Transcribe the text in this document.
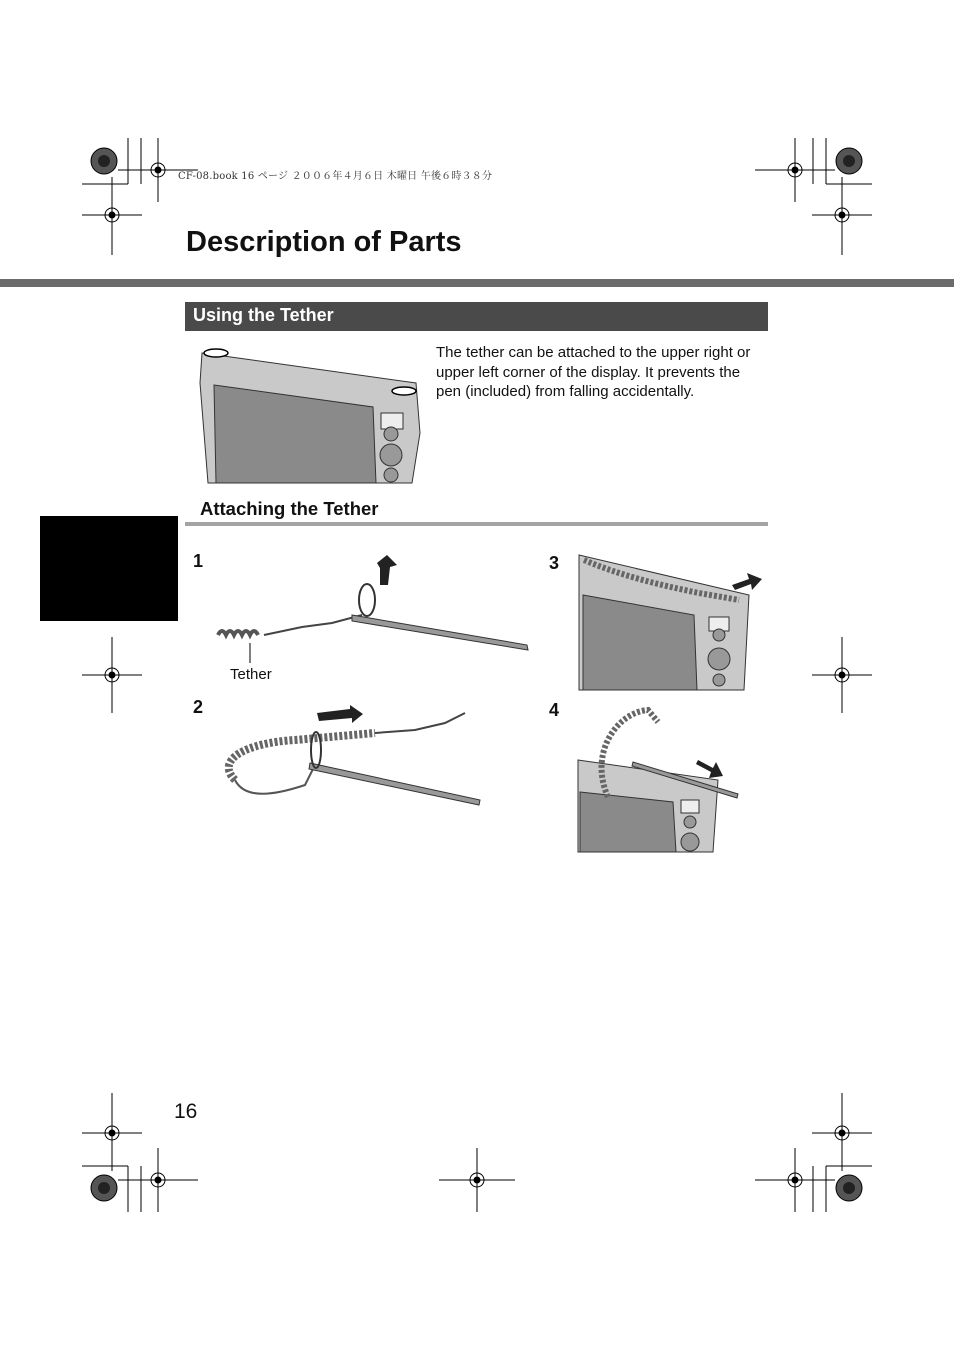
CF-08.book 16 ページ ２００６年４月６日 木曜日 午後６時３８分
Description of Parts
Using the Tether

The tether can be attached to the upper right or upper left corner of the display. It prevents the pen (included) from falling accidentally.

Attaching the Tether
1
Tether
2
3
4
16
